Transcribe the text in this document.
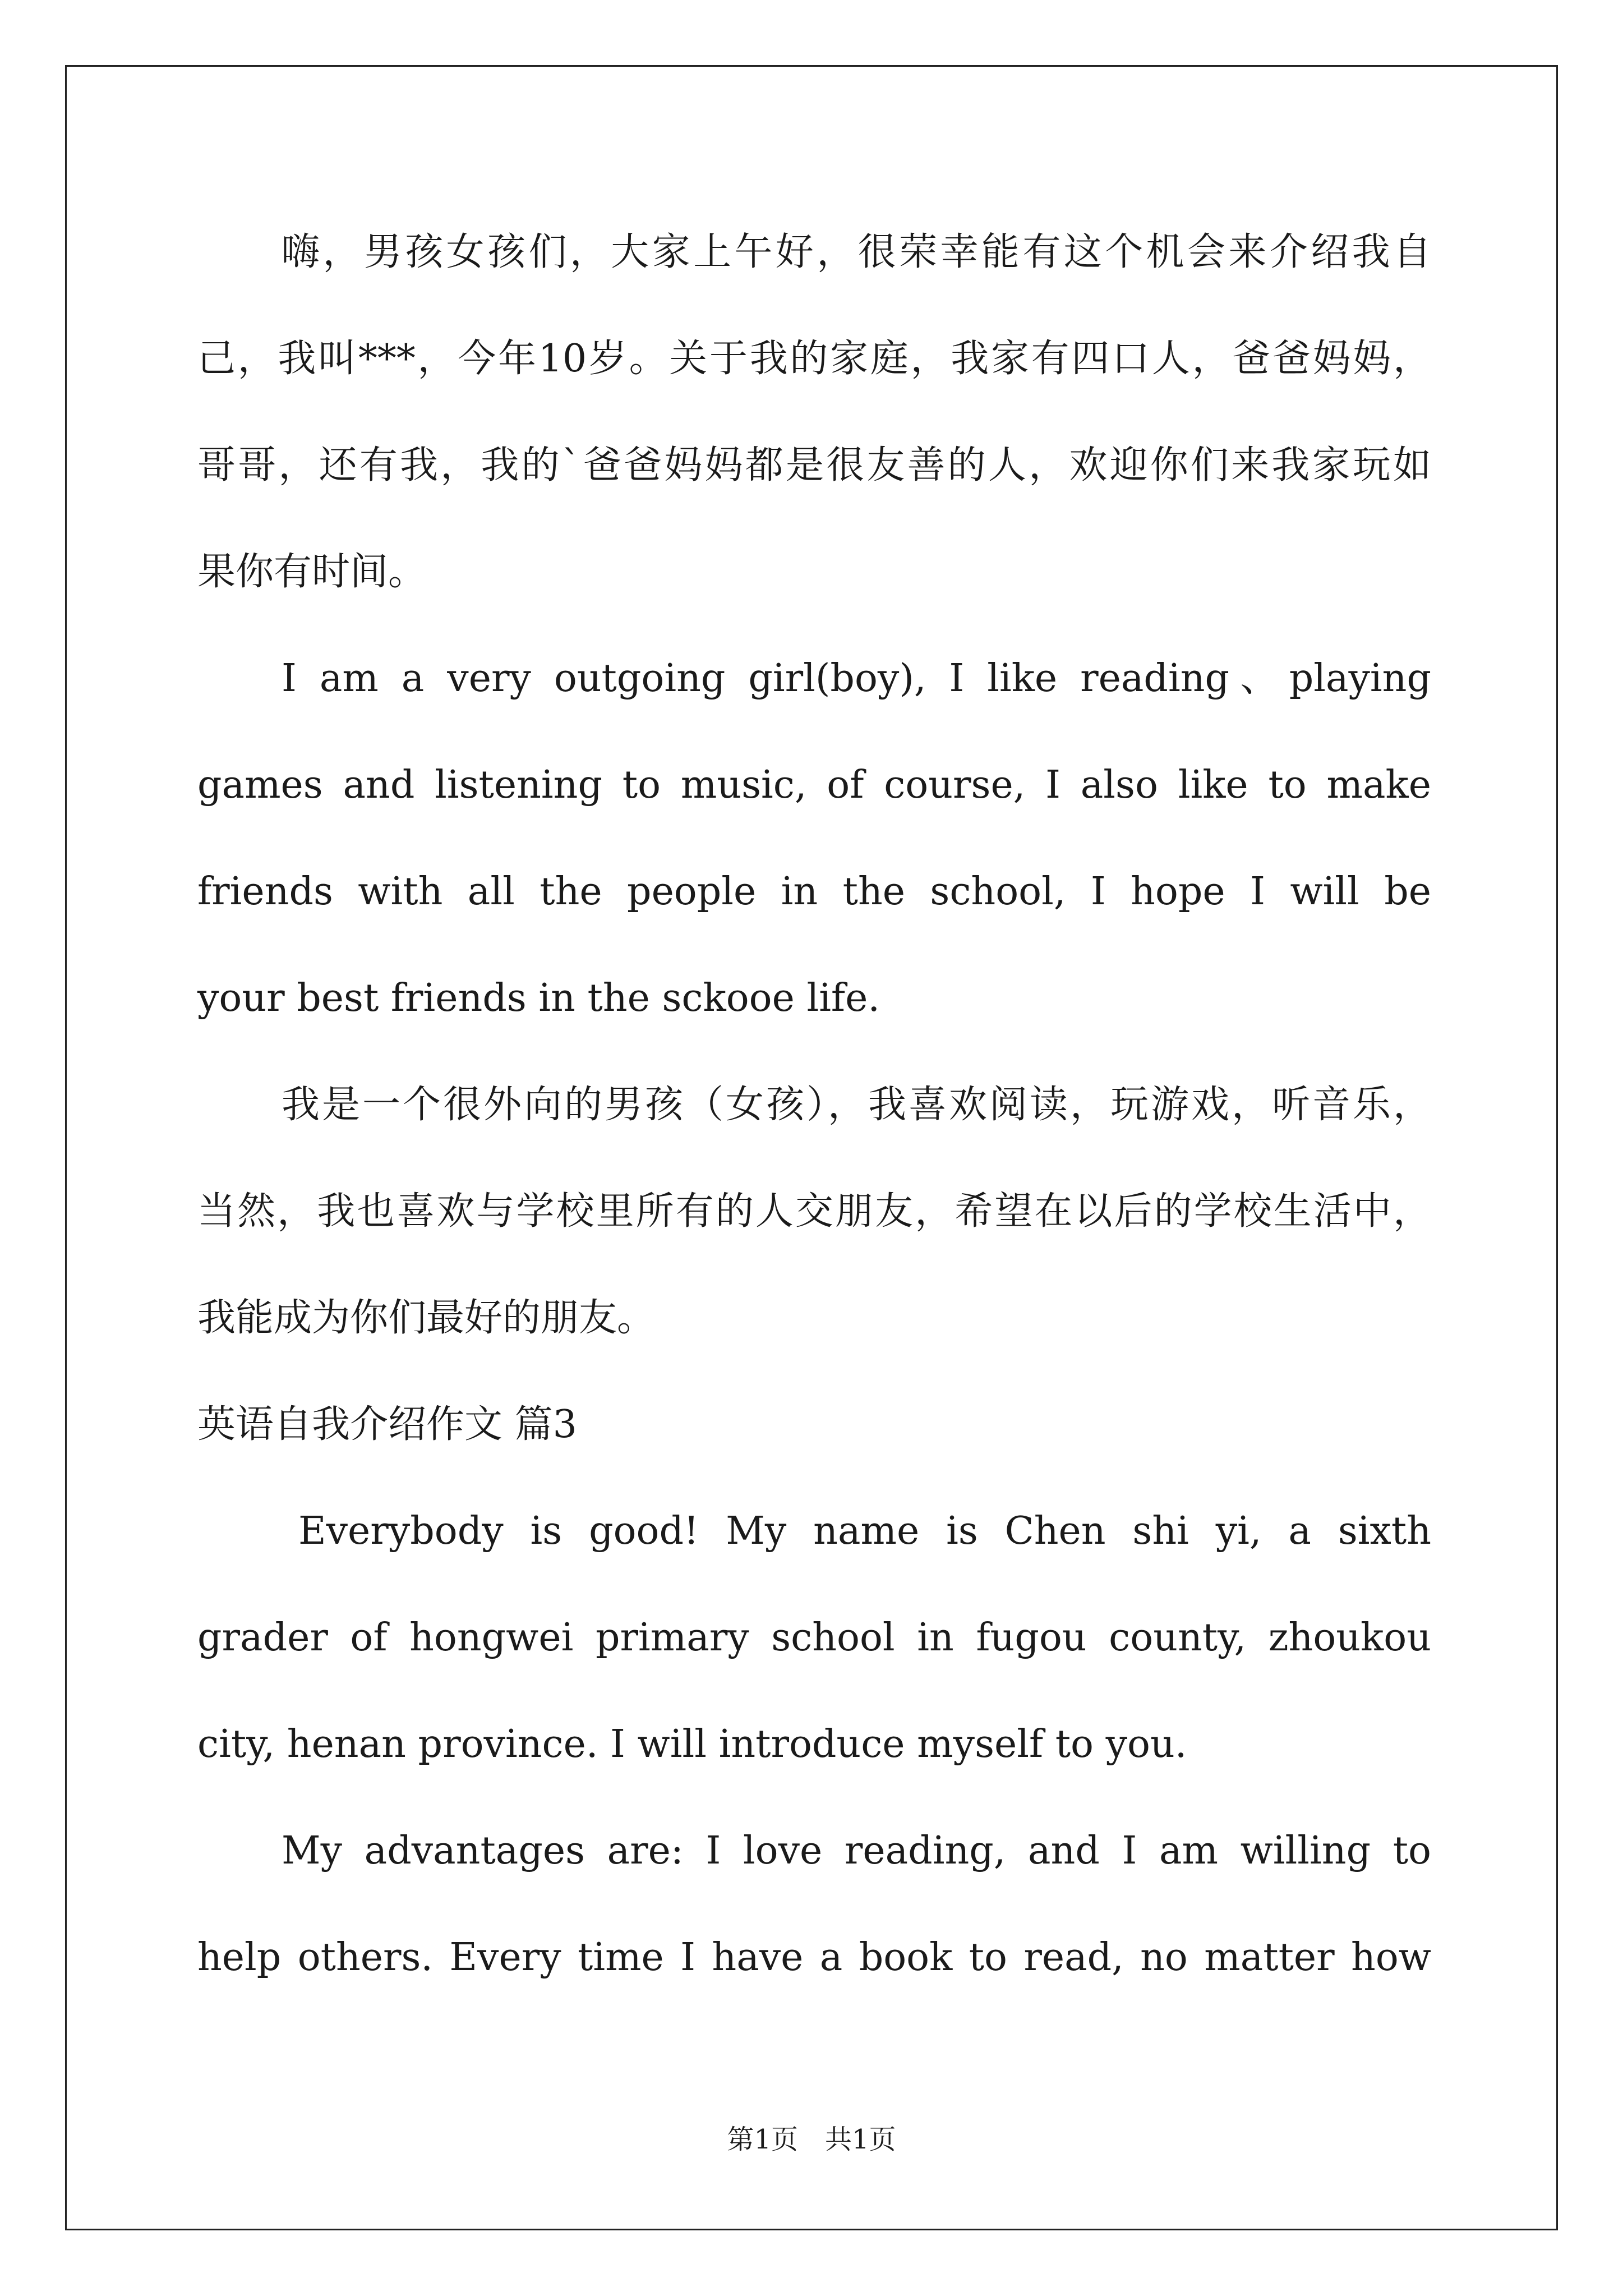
嗨，男孩女孩们，大家上午好，很荣幸能有这个机会来介绍我自
己，我叫***，今年10岁。关于我的家庭，我家有四口人，爸爸妈妈，
哥哥，还有我，我的`爸爸妈妈都是很友善的人，欢迎你们来我家玩如
果你有时间。
I am a very outgoing girl(boy), I like reading、playing
games and listening to music, of course, I also like to make
friends with all the people in the school, I hope I will be
your best friends in the sckooe life.
我是一个很外向的男孩（女孩），我喜欢阅读，玩游戏，听音乐，
当然，我也喜欢与学校里所有的人交朋友，希望在以后的学校生活中，
我能成为你们最好的朋友。
英语自我介绍作文 篇3
Everybody is good! My name is Chen shi yi, a sixth
grader of hongwei primary school in fugou county, zhoukou
city, henan province. I will introduce myself to you.
My advantages are: I love reading, and I am willing to
help others. Every time I have a book to read, no matter how
第1页　共1页
